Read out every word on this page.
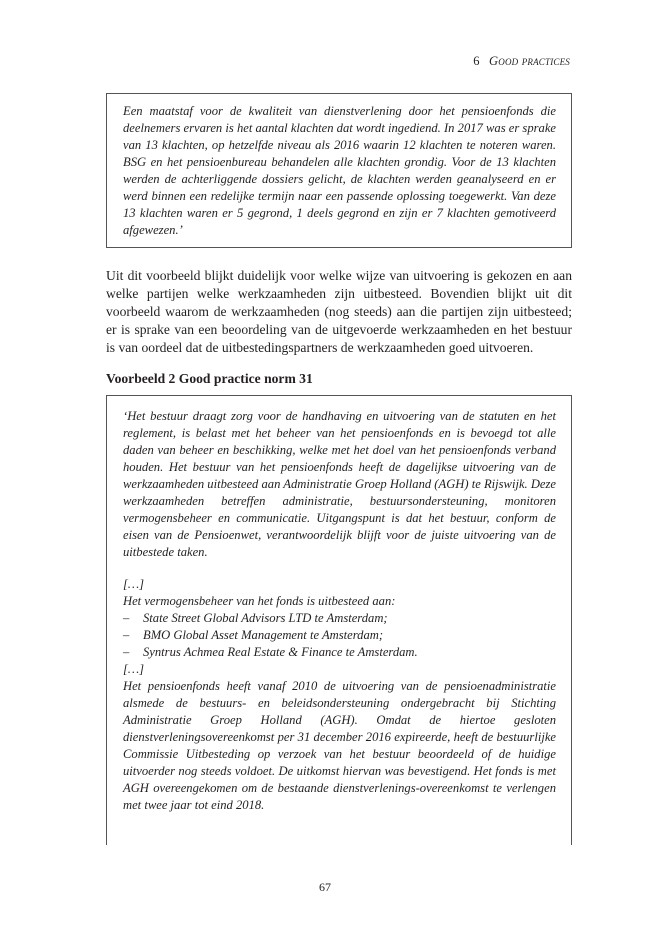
6 Good practices

Een maatstaf voor de kwaliteit van dienstverlening door het pensioenfonds die deelnemers ervaren is het aantal klachten dat wordt ingediend. In 2017 was er sprake van 13 klachten, op hetzelfde niveau als 2016 waarin 12 klachten te noteren waren. BSG en het pensioenbureau behandelen alle klachten grondig. Voor de 13 klachten werden de achterliggende dossiers gelicht, de klachten werden geanalyseerd en er werd binnen een redelijke termijn naar een passende oplossing toegewerkt. Van deze 13 klachten waren er 5 gegrond, 1 deels gegrond en zijn er 7 klachten gemotiveerd afgewezen.’

Uit dit voorbeeld blijkt duidelijk voor welke wijze van uitvoering is gekozen en aan welke partijen welke werkzaamheden zijn uitbesteed. Bovendien blijkt uit dit voorbeeld waarom de werkzaamheden (nog steeds) aan die partijen zijn uitbesteed; er is sprake van een beoordeling van de uitgevoerde werkzaamheden en het bestuur is van oordeel dat de uitbestedingspartners de werkzaamheden goed uitvoeren.

Voorbeeld 2 Good practice norm 31

‘Het bestuur draagt zorg voor de handhaving en uitvoering van de statuten en het reglement, is belast met het beheer van het pensioenfonds en is bevoegd tot alle daden van beheer en beschikking, welke met het doel van het pensioenfonds verband houden. Het bestuur van het pensioenfonds heeft de dagelijkse uitvoering van de werkzaamheden uitbesteed aan Administratie Groep Holland (AGH) te Rijswijk. Deze werkzaamheden betreffen administratie, bestuursondersteuning, monitoren vermogensbeheer en communicatie. Uitgangspunt is dat het bestuur, conform de eisen van de Pensioenwet, verantwoordelijk blijft voor de juiste uitvoering van de uitbestede taken.

[…]
Het vermogensbeheer van het fonds is uitbesteed aan:

– State Street Global Advisors LTD te Amsterdam;
– BMO Global Asset Management te Amsterdam;
– Syntrus Achmea Real Estate & Finance te Amsterdam.

[…]
Het pensioenfonds heeft vanaf 2010 de uitvoering van de pensioenadministratie alsmede de bestuurs- en beleidsondersteuning ondergebracht bij Stichting Administratie Groep Holland (AGH). Omdat de hiertoe gesloten dienstverleningsovereenkomst per 31 december 2016 expireerde, heeft de bestuurlijke Commissie Uitbesteding op verzoek van het bestuur beoordeeld of de huidige uitvoerder nog steeds voldoet. De uitkomst hiervan was bevestigend. Het fonds is met AGH overeengekomen om de bestaande dienstverlenings-overeenkomst te verlengen met twee jaar tot eind 2018.

67
